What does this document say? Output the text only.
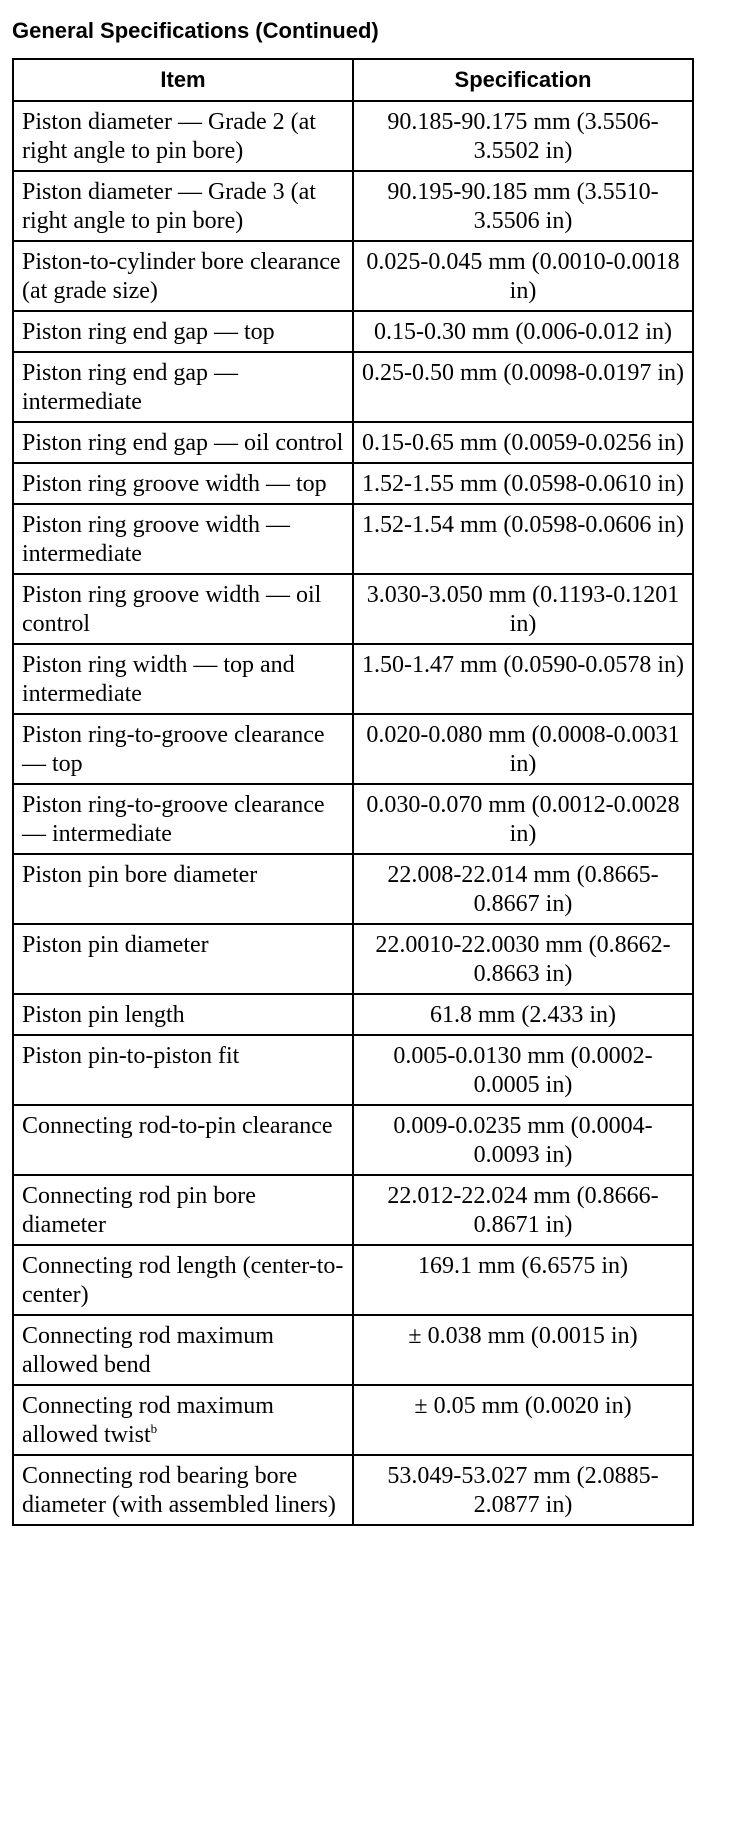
General Specifications (Continued)
Item	Specification
Piston diameter — Grade 2 (at right angle to pin bore)	90.185-90.175 mm (3.5506-3.5502 in)
Piston diameter — Grade 3 (at right angle to pin bore)	90.195-90.185 mm (3.5510-3.5506 in)
Piston-to-cylinder bore clearance (at grade size)	0.025-0.045 mm (0.0010-0.0018 in)
Piston ring end gap — top	0.15-0.30 mm (0.006-0.012 in)
Piston ring end gap — intermediate	0.25-0.50 mm (0.0098-0.0197 in)
Piston ring end gap — oil control	0.15-0.65 mm (0.0059-0.0256 in)
Piston ring groove width — top	1.52-1.55 mm (0.0598-0.0610 in)
Piston ring groove width — intermediate	1.52-1.54 mm (0.0598-0.0606 in)
Piston ring groove width — oil control	3.030-3.050 mm (0.1193-0.1201 in)
Piston ring width — top and intermediate	1.50-1.47 mm (0.0590-0.0578 in)
Piston ring-to-groove clearance — top	0.020-0.080 mm (0.0008-0.0031 in)
Piston ring-to-groove clearance — intermediate	0.030-0.070 mm (0.0012-0.0028 in)
Piston pin bore diameter	22.008-22.014 mm (0.8665-0.8667 in)
Piston pin diameter	22.0010-22.0030 mm (0.8662-0.8663 in)
Piston pin length	61.8 mm (2.433 in)
Piston pin-to-piston fit	0.005-0.0130 mm (0.0002-0.0005 in)
Connecting rod-to-pin clearance	0.009-0.0235 mm (0.0004-0.0093 in)
Connecting rod pin bore diameter	22.012-22.024 mm (0.8666-0.8671 in)
Connecting rod length (center-to-center)	169.1 mm (6.6575 in)
Connecting rod maximum allowed bend	± 0.038 mm (0.0015 in)
Connecting rod maximum allowed twist$^b$	± 0.05 mm (0.0020 in)
Connecting rod bearing bore diameter (with assembled liners)	53.049-53.027 mm (2.0885-2.0877 in)
